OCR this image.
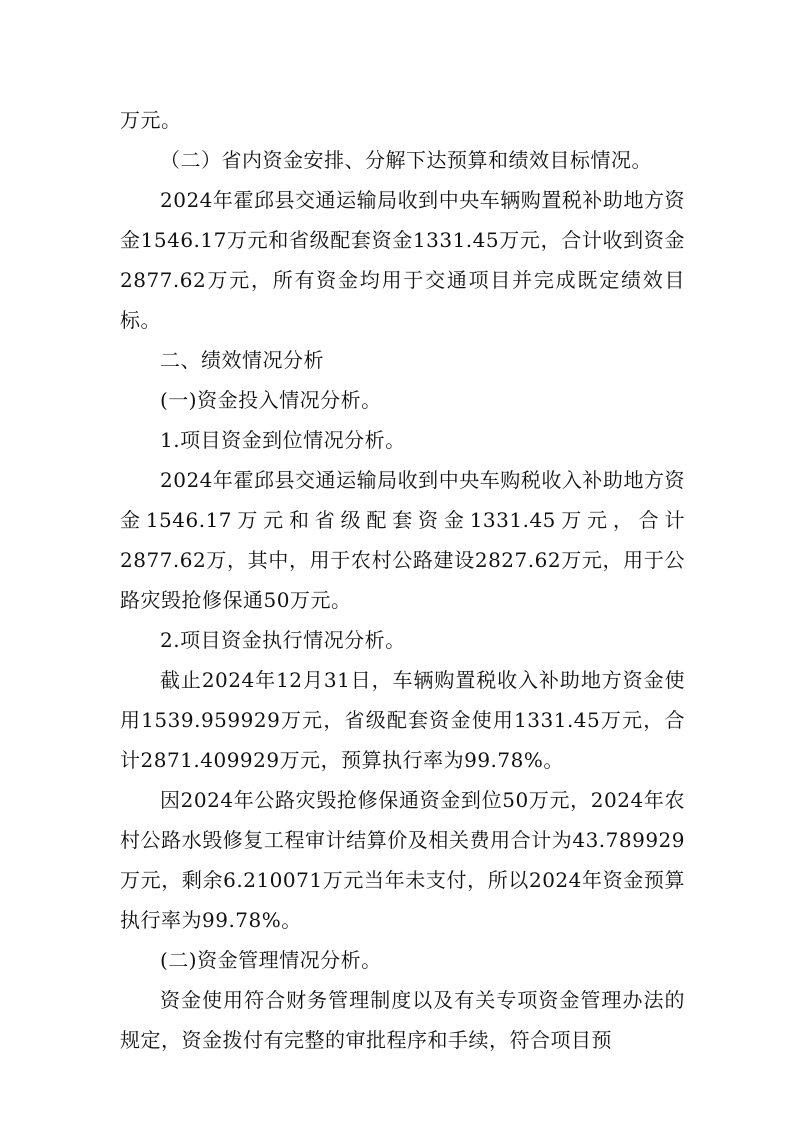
万元。

（二）省内资金安排、分解下达预算和绩效目标情况。

2024年霍邱县交通运输局收到中央车辆购置税补助地方资金1546.17万元和省级配套资金1331.45万元，合计收到资金2877.62万元，所有资金均用于交通项目并完成既定绩效目标。

二、绩效情况分析

(一)资金投入情况分析。

1.项目资金到位情况分析。

2024年霍邱县交通运输局收到中央车购税收入补助地方资金1546.17万元和省级配套资金1331.45万元，合计2877.62万，其中，用于农村公路建设2827.62万元，用于公路灾毁抢修保通50万元。

2.项目资金执行情况分析。

截止2024年12月31日，车辆购置税收入补助地方资金使用1539.959929万元，省级配套资金使用1331.45万元，合计2871.409929万元，预算执行率为99.78%。

因2024年公路灾毁抢修保通资金到位50万元，2024年农村公路水毁修复工程审计结算价及相关费用合计为43.789929万元，剩余6.210071万元当年未支付，所以2024年资金预算执行率为99.78%。

(二)资金管理情况分析。

资金使用符合财务管理制度以及有关专项资金管理办法的规定，资金拨付有完整的审批程序和手续，符合项目预
